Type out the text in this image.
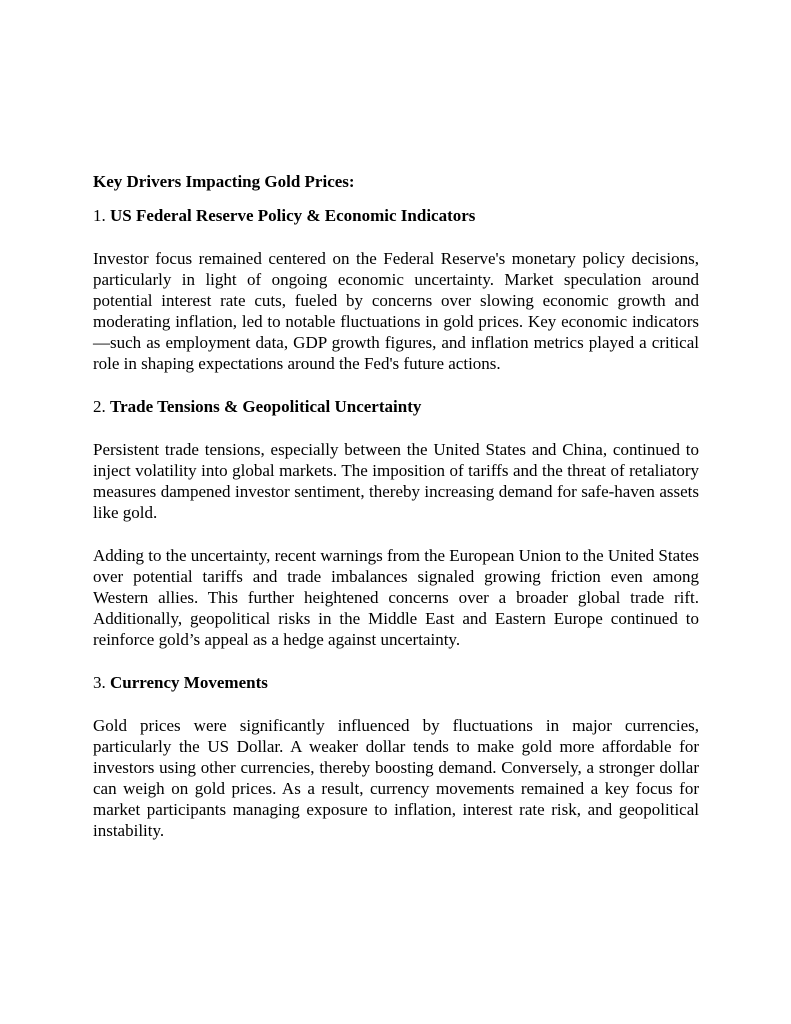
Key Drivers Impacting Gold Prices:

1. US Federal Reserve Policy & Economic Indicators

Investor focus remained centered on the Federal Reserve's monetary policy decisions, particularly in light of ongoing economic uncertainty. Market speculation around potential interest rate cuts, fueled by concerns over slowing economic growth and moderating inflation, led to notable fluctuations in gold prices. Key economic indicators—such as employment data, GDP growth figures, and inflation metrics played a critical role in shaping expectations around the Fed's future actions.

2. Trade Tensions & Geopolitical Uncertainty

Persistent trade tensions, especially between the United States and China, continued to inject volatility into global markets. The imposition of tariffs and the threat of retaliatory measures dampened investor sentiment, thereby increasing demand for safe-haven assets like gold.

Adding to the uncertainty, recent warnings from the European Union to the United States over potential tariffs and trade imbalances signaled growing friction even among Western allies. This further heightened concerns over a broader global trade rift. Additionally, geopolitical risks in the Middle East and Eastern Europe continued to reinforce gold’s appeal as a hedge against uncertainty.

3. Currency Movements

Gold prices were significantly influenced by fluctuations in major currencies, particularly the US Dollar. A weaker dollar tends to make gold more affordable for investors using other currencies, thereby boosting demand. Conversely, a stronger dollar can weigh on gold prices. As a result, currency movements remained a key focus for market participants managing exposure to inflation, interest rate risk, and geopolitical instability.
